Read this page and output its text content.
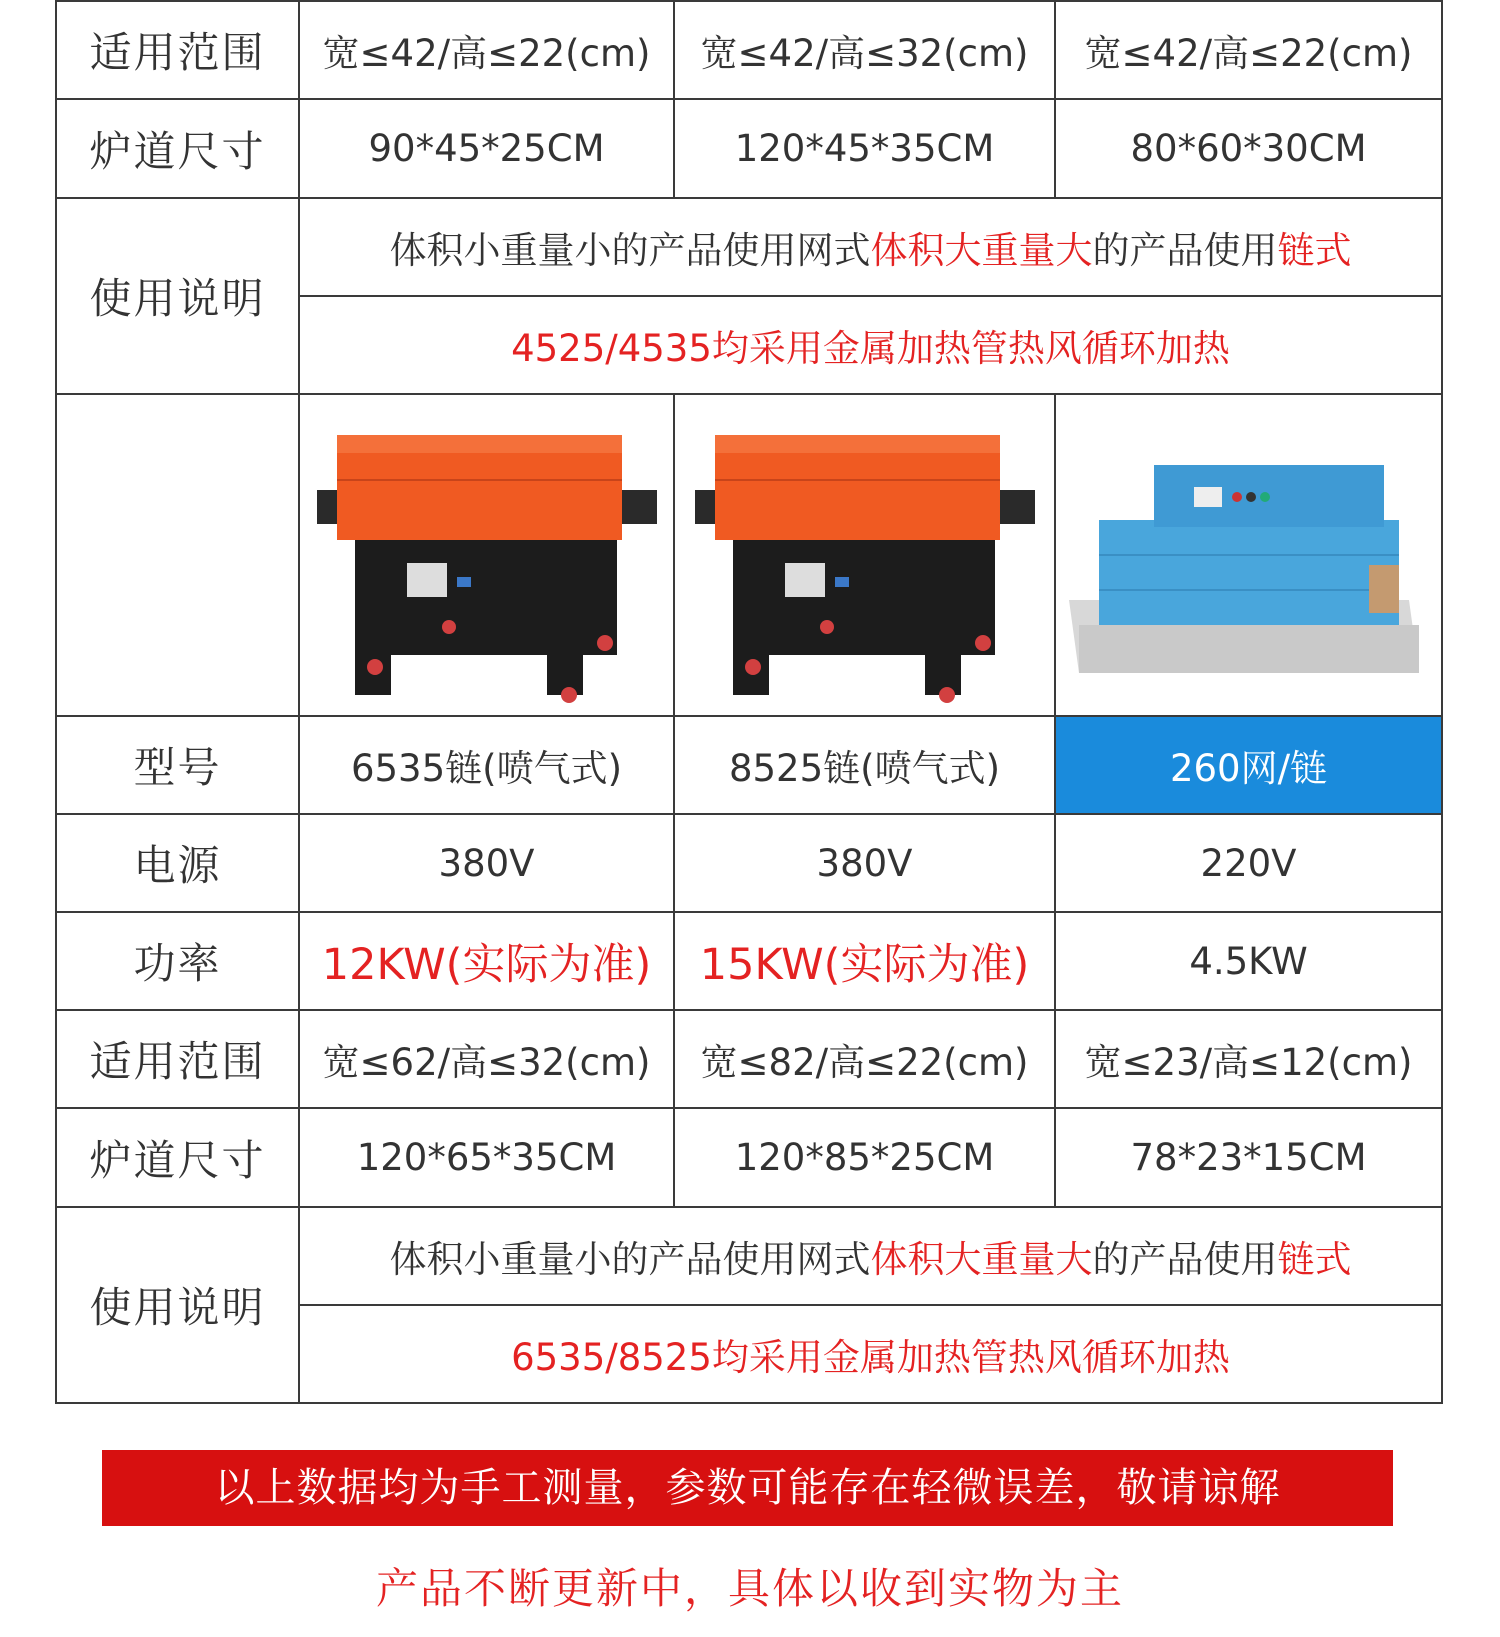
适用范围	宽≤42/高≤22(cm)	宽≤42/高≤32(cm)	宽≤42/高≤22(cm)
炉道尺寸	90*45*25CM	120*45*35CM	80*60*30CM
使用说明	体积小重量小的产品使用网式体积大重量大的产品使用链式		
	4525/4535均采用金属加热管热风循环加热		

型号	6535链(喷气式)	8525链(喷气式)	260网/链
电源	380V	380V	220V
功率	12KW(实际为准)	15KW(实际为准)	4.5KW
适用范围	宽≤62/高≤32(cm)	宽≤82/高≤22(cm)	宽≤23/高≤12(cm)
炉道尺寸	120*65*35CM	120*85*25CM	78*23*15CM
使用说明	体积小重量小的产品使用网式体积大重量大的产品使用链式		
	6535/8525均采用金属加热管热风循环加热		
以上数据均为手工测量，参数可能存在轻微误差，敬请谅解
产品不断更新中，具体以收到实物为主
